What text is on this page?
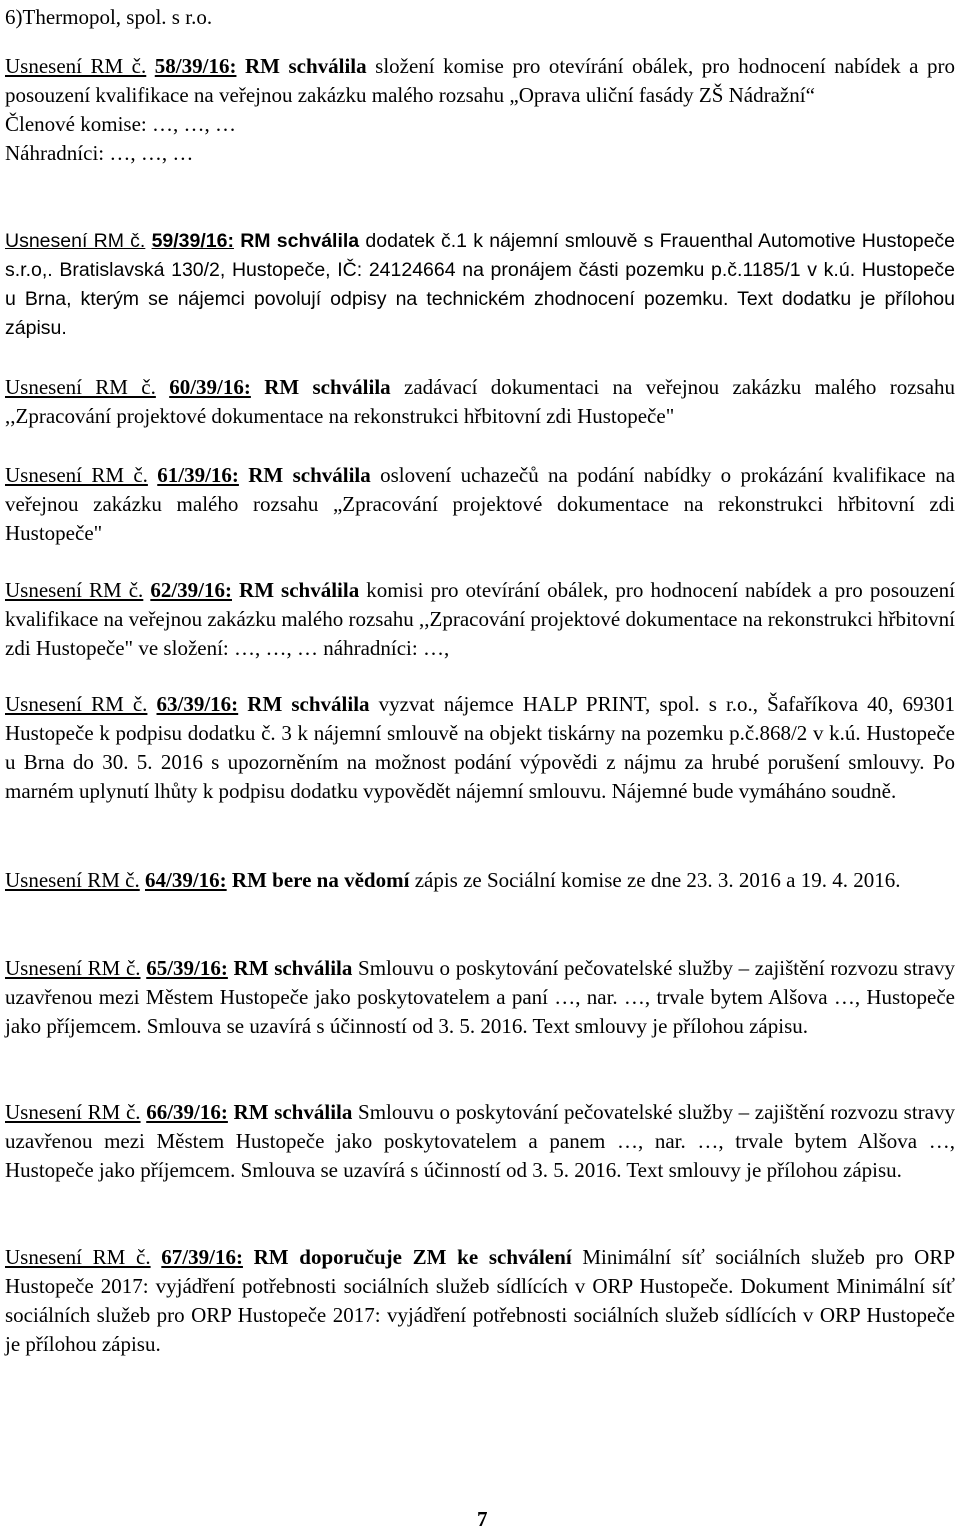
6)Thermopol, spol. s r.o.
Usnesení RM č. 58/39/16: RM schválila složení komise pro otevírání obálek, pro hodnocení nabídek a pro posouzení kvalifikace na veřejnou zakázku malého rozsahu „Oprava uliční fasády ZŠ Nádražní“
Členové komise: …, …, …
Náhradníci: …, …, …
Usnesení RM č. 59/39/16: RM schválila dodatek č.1 k nájemní smlouvě s Frauenthal Automotive Hustopeče s.r.o,. Bratislavská 130/2, Hustopeče, IČ: 24124664 na pronájem části pozemku p.č.1185/1 v k.ú. Hustopeče u Brna, kterým se nájemci povolují odpisy na technickém zhodnocení pozemku. Text dodatku je přílohou zápisu.
Usnesení RM č. 60/39/16: RM schválila zadávací dokumentaci na veřejnou zakázku malého rozsahu ,,Zpracování projektové dokumentace na rekonstrukci hřbitovní zdi Hustopeče"
Usnesení RM č. 61/39/16: RM schválila oslovení uchazečů na podání nabídky o prokázání kvalifikace na veřejnou zakázku malého rozsahu „Zpracování projektové dokumentace na rekonstrukci hřbitovní zdi Hustopeče"
Usnesení RM č. 62/39/16: RM schválila komisi pro otevírání obálek, pro hodnocení nabídek a pro posouzení kvalifikace na veřejnou zakázku malého rozsahu ,,Zpracování projektové dokumentace na rekonstrukci hřbitovní zdi Hustopeče" ve složení: …, …, … náhradníci: …,
Usnesení RM č. 63/39/16: RM schválila vyzvat nájemce HALP PRINT, spol. s r.o., Šafaříkova 40, 69301 Hustopeče k podpisu dodatku č. 3 k nájemní smlouvě na objekt tiskárny na pozemku p.č.868/2 v k.ú. Hustopeče u Brna do 30. 5. 2016 s upozorněním na možnost podání výpovědi z nájmu za hrubé porušení smlouvy. Po marném uplynutí lhůty k podpisu dodatku vypovědět nájemní smlouvu. Nájemné bude vymáháno soudně.
Usnesení RM č. 64/39/16: RM bere na vědomí zápis ze Sociální komise ze dne 23. 3. 2016 a 19. 4. 2016.
Usnesení RM č. 65/39/16: RM schválila Smlouvu o poskytování pečovatelské služby – zajištění rozvozu stravy uzavřenou mezi Městem Hustopeče jako poskytovatelem a paní …, nar. …, trvale bytem Alšova …, Hustopeče jako příjemcem. Smlouva se uzavírá s účinností od 3. 5. 2016. Text smlouvy je přílohou zápisu.
Usnesení RM č. 66/39/16: RM schválila Smlouvu o poskytování pečovatelské služby – zajištění rozvozu stravy uzavřenou mezi Městem Hustopeče jako poskytovatelem a panem …, nar. …, trvale bytem Alšova …, Hustopeče jako příjemcem. Smlouva se uzavírá s účinností od 3. 5. 2016. Text smlouvy je přílohou zápisu.
Usnesení RM č. 67/39/16: RM doporučuje ZM ke schválení Minimální síť sociálních služeb pro ORP Hustopeče 2017: vyjádření potřebnosti sociálních služeb sídlících v ORP Hustopeče. Dokument Minimální síť sociálních služeb pro ORP Hustopeče 2017: vyjádření potřebnosti sociálních služeb sídlících v ORP Hustopeče je přílohou zápisu.
7
